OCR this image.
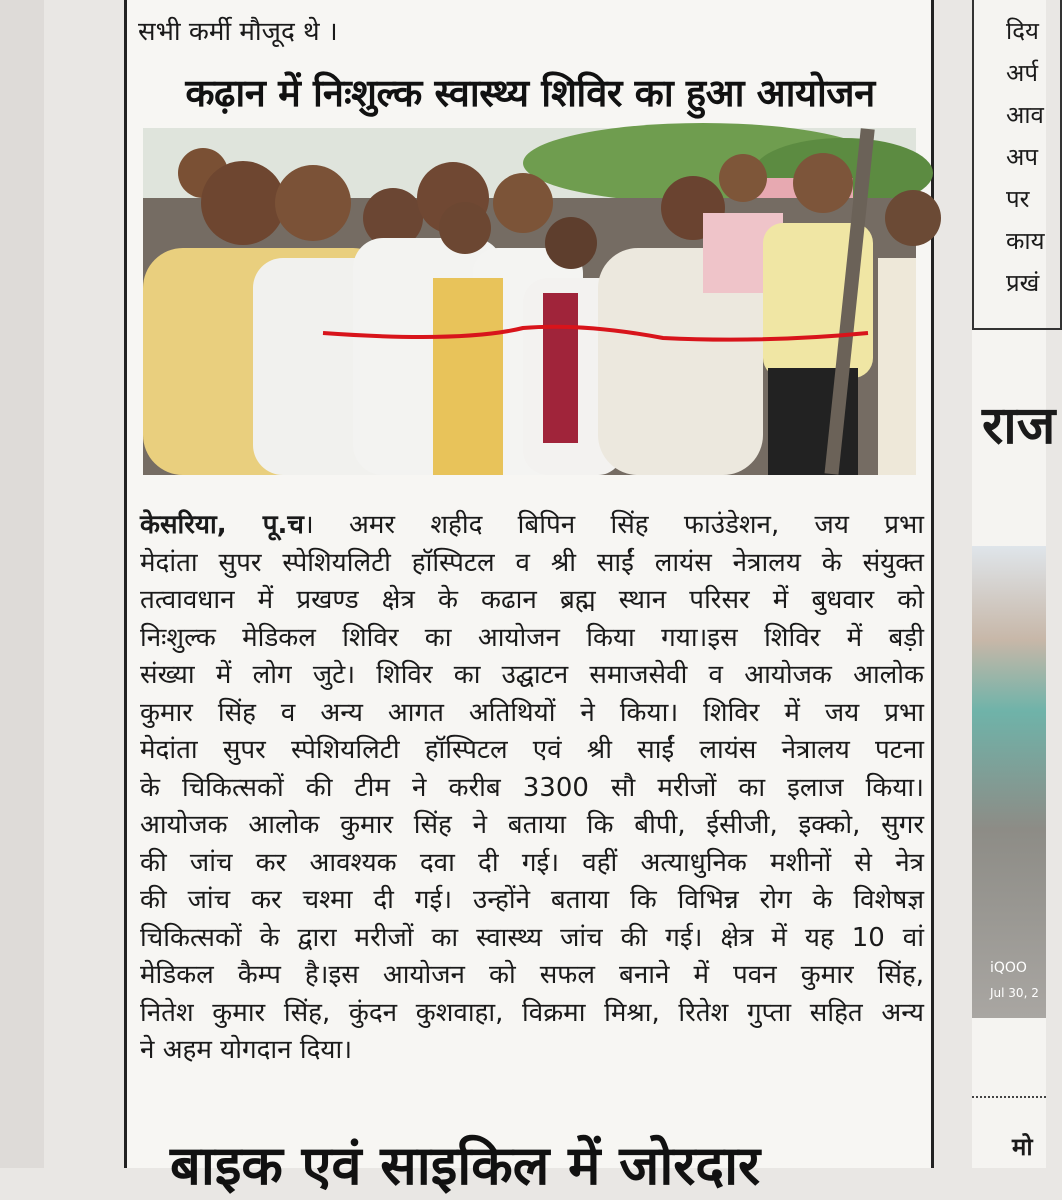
सभी कर्मी मौजूद थे ।
कढ़ान में निःशुल्क स्वास्थ्य शिविर का हुआ आयोजन
केसरिया, पू.च। अमर शहीद बिपिन सिंह फाउंडेशन, जय प्रभा
मेदांता सुपर स्पेशियलिटी हॉस्पिटल व श्री साईं लायंस नेत्रालय के संयुक्त
तत्वावधान में प्रखण्ड क्षेत्र के कढान ब्रह्म स्थान परिसर में बुधवार को
निःशुल्क मेडिकल शिविर का आयोजन किया गया।इस शिविर में बड़ी
संख्या में लोग जुटे। शिविर का उद्घाटन समाजसेवी व आयोजक आलोक
कुमार सिंह व अन्य आगत अतिथियों ने किया। शिविर में जय प्रभा
मेदांता सुपर स्पेशियलिटी हॉस्पिटल एवं श्री साईं लायंस नेत्रालय पटना
के चिकित्सकों की टीम ने करीब 3300 सौ मरीजों का इलाज किया।
आयोजक आलोक कुमार सिंह ने बताया कि बीपी, ईसीजी, इक्को, सुगर
की जांच कर आवश्यक दवा दी गई। वहीं अत्याधुनिक मशीनों से नेत्र
की जांच कर चश्मा दी गई। उन्होंने बताया कि विभिन्न रोग के विशेषज्ञ
चिकित्सकों के द्वारा मरीजों का स्वास्थ्य जांच की गई। क्षेत्र में यह 10 वां
मेडिकल कैम्प है।इस आयोजन को सफल बनाने में पवन कुमार सिंह,
नितेश कुमार सिंह, कुंदन कुशवाहा, विक्रमा मिश्रा, रितेश गुप्ता सहित अन्य
ने अहम योगदान दिया।
बाइक एवं साइकिल में जोरदार
दिय
अर्प
आव
अप
पर
काय
प्रखं
राज
iQOO
Jul 30, 2
मो
